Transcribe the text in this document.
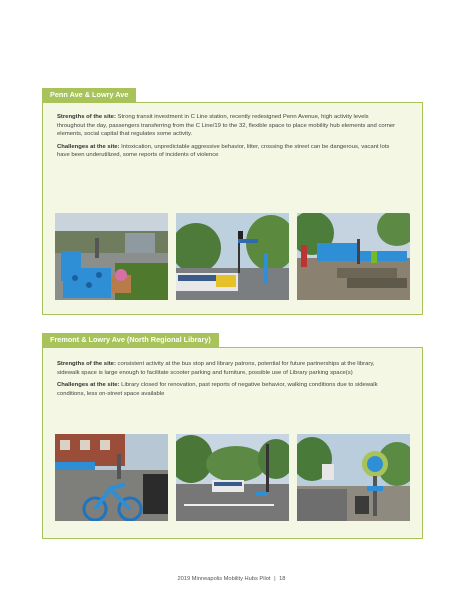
Penn Ave & Lowry Ave

Strengths of the site: Strong transit investment in C Line station, recently redesigned Penn Avenue, high activity levels throughout the day, passengers transferring from the C Line/19 to the 32, flexible space to place mobility hub elements and corner elements, social capital that regulates some activity.

Challenges at the site: Intoxication, unpredictable aggressive behavior, litter, crossing the street can be dangerous, vacant lots have been underutilized, some reports of incidents of violence

Fremont & Lowry Ave (North Regional Library)

Strengths of the site: consistent activity at the bus stop and library patrons, potential for future partnerships at the library, sidewalk space is large enough to facilitate scooter parking and furniture, possible use of Library parking space(s)

Challenges at the site: Library closed for renovation, past reports of negative behavior, walking conditions due to sidewalk conditions, less on-street space available

2019 Minneapolis Mobility Hubs Pilot | 18
